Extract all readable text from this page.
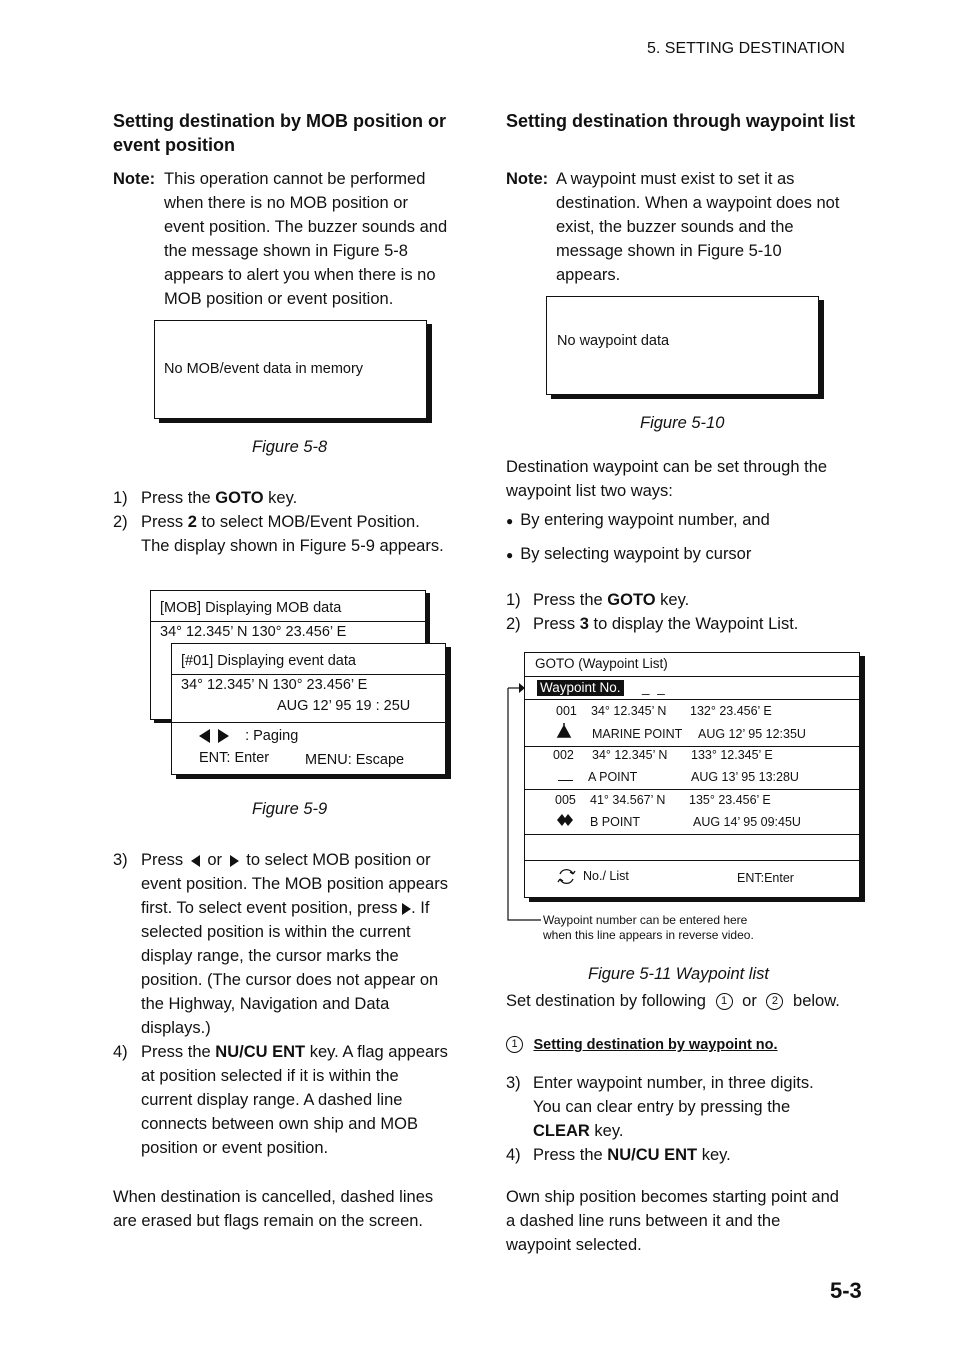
5. SETTING DESTINATION
5-3
Setting destination by MOB position or event position
Note: This operation cannot be performed
when there is no MOB position or
event position. The buzzer sounds and
the message shown in Figure 5-8
appears to alert you when there is no
MOB position or event position.
No MOB/event data in memory
Figure 5-8
1) Press the GOTO key.
2) Press 2 to select MOB/Event Position.
The display shown in Figure 5-9 appears.
[MOB] Displaying MOB data
34° 12.345’ N 130° 23.456’ E
[#01] Displaying event data
34° 12.345’ N 130° 23.456’ E
AUG 12’ 95 19 : 25U
: Paging
ENT: Enter MENU: Escape
Figure 5-9
3) Press or to select MOB position or
event position. The MOB position appears
first. To select event position, press . If
selected position is within the current
display range, the cursor marks the
position. (The cursor does not appear on
the Highway, Navigation and Data
displays.)
4) Press the NU/CU ENT key. A flag appears
at position selected if it is within the
current display range. A dashed line
connects between own ship and MOB
position or event position.
When destination is cancelled, dashed lines
are erased but flags remain on the screen.
Setting destination through waypoint list
Note: A waypoint must exist to set it as
destination. When a waypoint does not
exist, the buzzer sounds and the
message shown in Figure 5-10
appears.
No waypoint data
Figure 5-10
Destination waypoint can be set through the
waypoint list two ways:
● By entering waypoint number, and
● By selecting waypoint by cursor
1) Press the GOTO key.
2) Press 3 to display the Waypoint List.
GOTO (Waypoint List)
Waypoint No. _ _
001 34° 12.345’ N 132° 23.456’ E
MARINE POINT AUG 12’ 95 12:35U
002 34° 12.345’ N 133° 12.345’ E
A POINT	AUG 13’ 95 13:28U
005 41° 34.567’ N 135° 23.456’ E
B POINT	AUG 14’ 95 09:45U
No./ List	ENT:Enter
Waypoint number can be entered here
when this line appears in reverse video.
Figure 5-11 Waypoint list
Set destination by following 1 or 2 below.
1 Setting destination by waypoint no.
3) Enter waypoint number, in three digits.
You can clear entry by pressing the
CLEAR key.
4) Press the NU/CU ENT key.
Own ship position becomes starting point and
a dashed line runs between it and the
waypoint selected.
